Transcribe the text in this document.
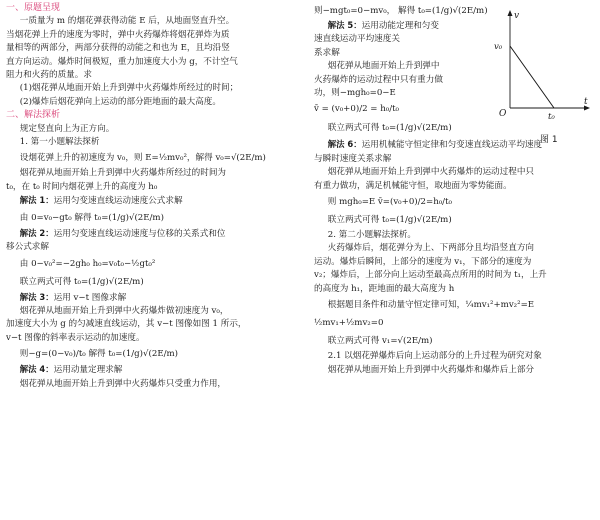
一、原题呈现

一质量为 m 的烟花弹获得动能 E 后，从地面竖直升空。

当烟花弹上升的速度为零时，弹中火药爆炸将烟花弹炸为质

量相等的两部分，两部分获得的动能之和也为 E，且均沿竖

直方向运动。爆炸时间极短，重力加速度大小为 g，不计空气

阻力和火药的质量。求

(1)烟花弹从地面开始上升到弹中火药爆炸所经过的时间；

(2)爆炸后烟花弹向上运动的部分距地面的最大高度。

二、解法探析

规定竖直向上为正方向。

1. 第一小题解法探析

设烟花弹上升的初速度为 v₀，则 E=½mv₀²，解得 v₀=√(2E/m)

烟花弹从地面开始上升到弹中火药爆炸所经过的时间为

t₀，在 t₀ 时间内烟花弹上升的高度为 h₀

解法 1：运用匀变速直线运动速度公式求解

由 0=v₀−gt₀ 解得 t₀=(1/g)√(2E/m)

解法 2：运用匀变速直线运动速度与位移的关系式和位

移公式求解

由 0−v₀²=−2gh₀ h₀=v₀t₀−½gt₀²

联立两式可得 t₀=(1/g)√(2E/m)

解法 3：运用 v−t 图像求解

烟花弹从地面开始上升到弹中火药爆炸做初速度为 v₀，

加速度大小为 g 的匀减速直线运动，其 v−t 图像如图 1 所示，

v−t 图像的斜率表示运动的加速度。

则−g=(0−v₀)/t₀ 解得 t₀=(1/g)√(2E/m)

解法 4：运用动量定理求解

烟花弹从地面开始上升到弹中火药爆炸只受重力作用，

则−mgt₀=0−mv₀， 解得 t₀=(1/g)√(2E/m)

解法 5：运用动能定理和匀变

速直线运动平均速度关

系求解

烟花弹从地面开始上升到弹中

火药爆炸的运动过程中只有重力做

功，则−mgh₀=0−E

v̄ = (v₀+0)/2 = h₀/t₀

联立两式可得 t₀=(1/g)√(2E/m)

解法 6：运用机械能守恒定律和匀变速直线运动平均速度

与瞬时速度关系求解

烟花弹从地面开始上升到弹中火药爆炸的运动过程中只

有重力做功，满足机械能守恒，取地面为零势能面。

则 mgh₀=E v̄=(v₀+0)/2=h₀/t₀

联立两式可得 t₀=(1/g)√(2E/m)

2. 第二小题解法探析。

火药爆炸后，烟花弹分为上、下两部分且均沿竖直方向

运动。爆炸后瞬间，上部分的速度为 v₁，下部分的速度为

v₂；爆炸后，上部分向上运动至最高点所用的时间为 t₁，上升

的高度为 h₁，距地面的最大高度为 h

根据题目条件和动量守恒定律可知，¼mv₁²+mv₂²=E

½mv₁+½mv₂=0

联立两式可得 v₁=√(2E/m)

2.1 以烟花弹爆炸后向上运动部分的上升过程为研究对象

烟花弹从地面开始上升到弹中火药爆炸和爆炸后上部分

v
t
O
v₀
t₀
图 1
